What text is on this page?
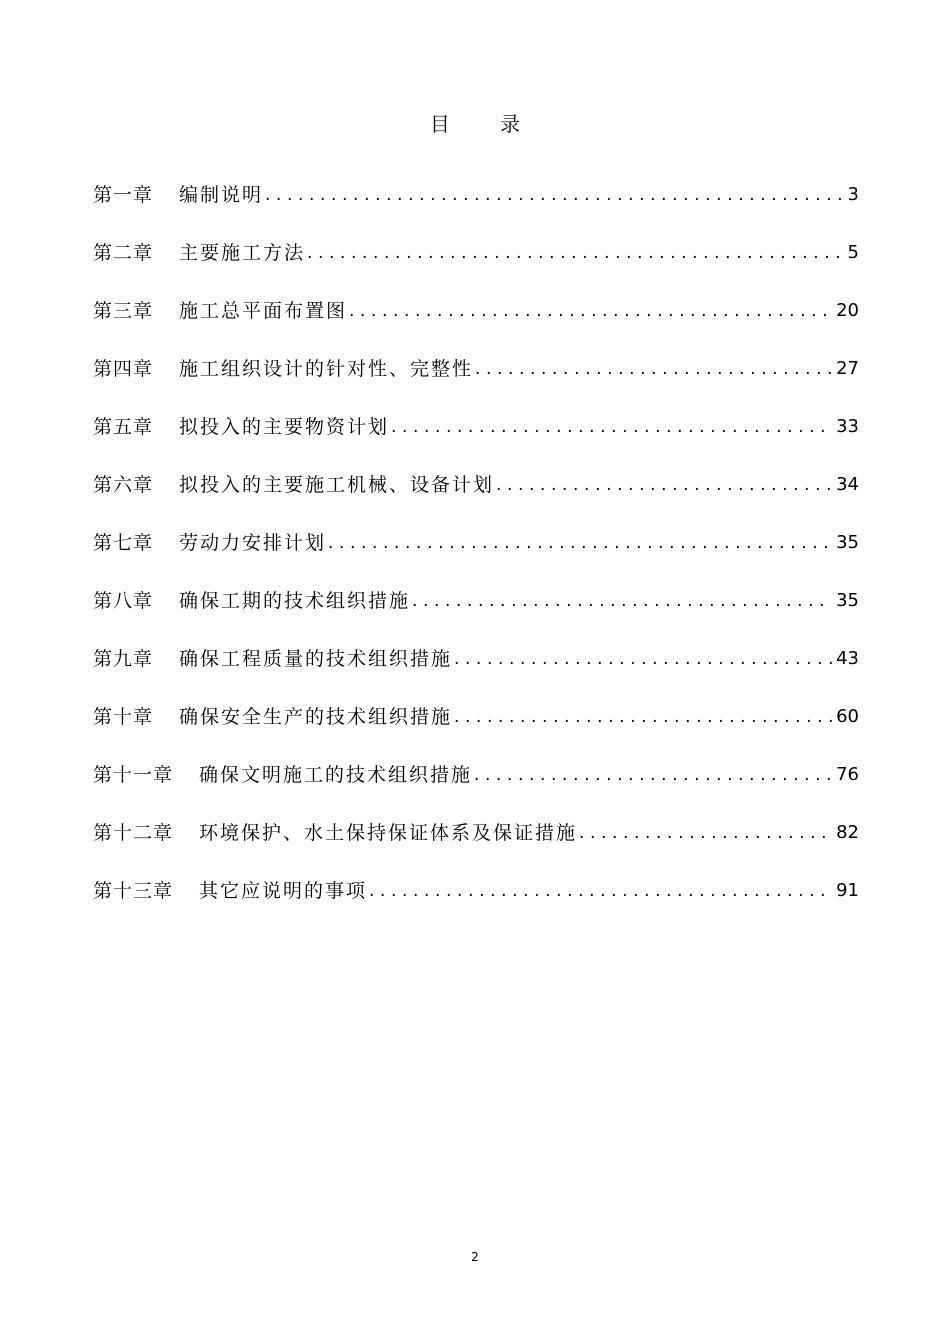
目 录
第一章 编制说明 .....	3
第二章 主要施工方法 .....	5
第三章 施工总平面布置图 .....	20
第四章 施工组织设计的针对性、完整性 .....	27
第五章 拟投入的主要物资计划 .....	33
第六章 拟投入的主要施工机械、设备计划 .....	34
第七章 劳动力安排计划 .....	35
第八章 确保工期的技术组织措施 .....	35
第九章 确保工程质量的技术组织措施 .....	43
第十章 确保安全生产的技术组织措施 .....	60
第十一章 确保文明施工的技术组织措施 .....	76
第十二章 环境保护、水土保持保证体系及保证措施 .....	82
第十三章 其它应说明的事项 .....	91
2
